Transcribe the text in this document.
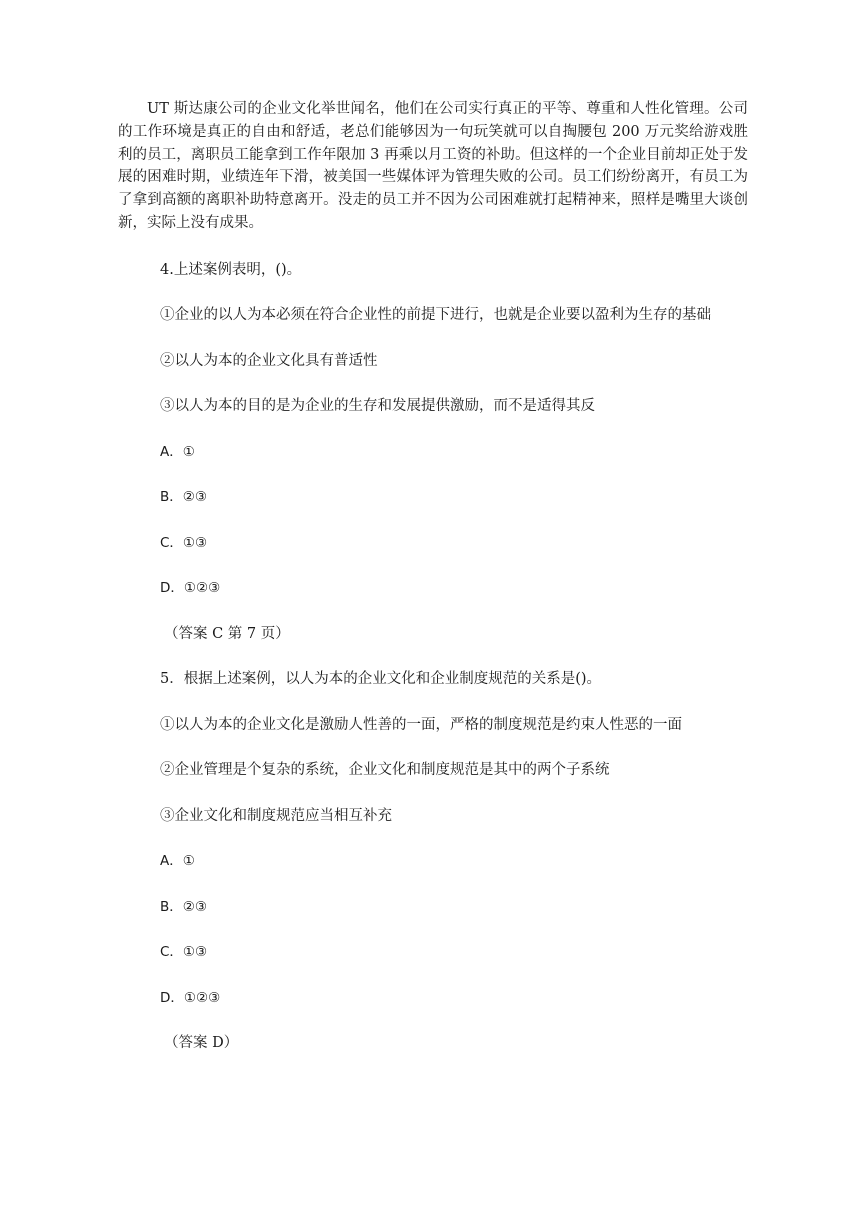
UT 斯达康公司的企业文化举世闻名，他们在公司实行真正的平等、尊重和人性化管理。公司的工作环境是真正的自由和舒适，老总们能够因为一句玩笑就可以自掏腰包 200 万元奖给游戏胜利的员工，离职员工能拿到工作年限加 3 再乘以月工资的补助。但这样的一个企业目前却正处于发展的困难时期，业绩连年下滑，被美国一些媒体评为管理失败的公司。员工们纷纷离开，有员工为了拿到高额的离职补助特意离开。没走的员工并不因为公司困难就打起精神来，照样是嘴里大谈创新，实际上没有成果。

4.上述案例表明，()。

①企业的以人为本必须在符合企业性的前提下进行，也就是企业要以盈利为生存的基础

②以人为本的企业文化具有普适性

③以人为本的目的是为企业的生存和发展提供激励，而不是适得其反

A．①

B．②③

C．①③

D．①②③

（答案 C 第 7 页）

5．根据上述案例，以人为本的企业文化和企业制度规范的关系是()。

①以人为本的企业文化是激励人性善的一面，严格的制度规范是约束人性恶的一面

②企业管理是个复杂的系统，企业文化和制度规范是其中的两个子系统

③企业文化和制度规范应当相互补充

A．①

B．②③

C．①③

D．①②③

（答案 D）
